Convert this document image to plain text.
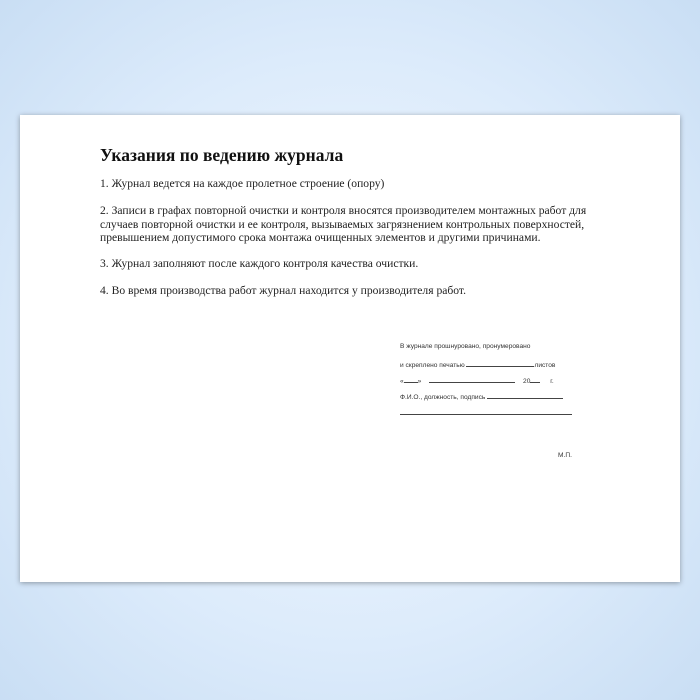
Указания по ведению журнала

1. Журнал ведется на каждое пролетное строение (опору)

2. Записи в графах повторной очистки и контроля вносятся производителем монтажных работ для случаев повторной очистки и ее контроля, вызываемых загрязнением контрольных поверхностей, превышением допустимого срока монтажа очищенных элементов и другими причинами.

3. Журнал заполняют после каждого контроля качества очистки.

4. Во время производства работ журнал находится у производителя работ.

В журнале прошнуровано, пронумеровано
и скреплено печатью	листов
« »	20	г.
Ф.И.О., должность, подпись
М.П.
